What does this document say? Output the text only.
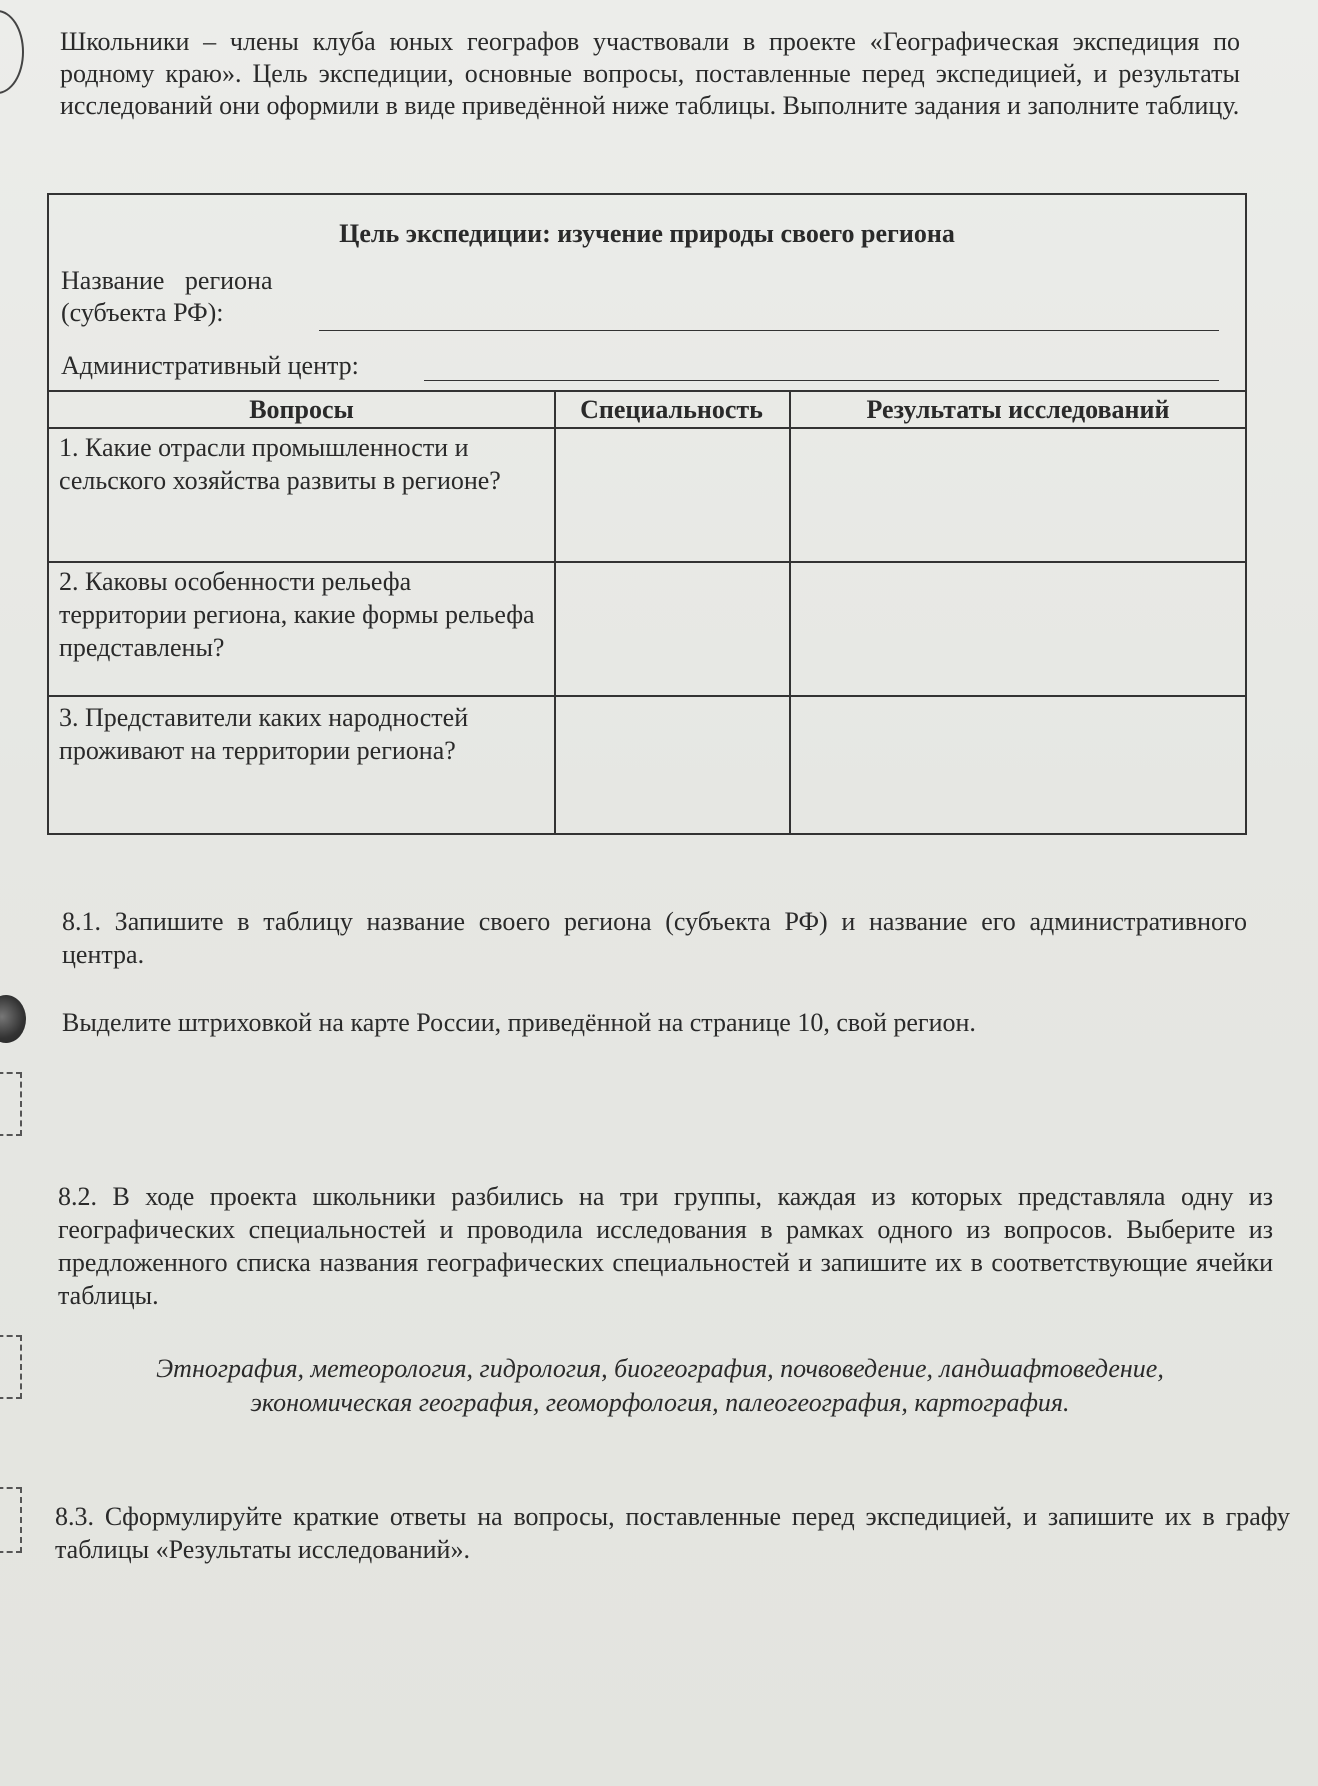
Школьники – члены клуба юных географов участвовали в проекте «Географическая экспедиция по родному краю». Цель экспедиции, основные вопросы, поставленные перед экспедицией, и результаты исследований они оформили в виде приведённой ниже таблицы. Выполните задания и заполните таблицу.
Цель экспедиции: изучение природы своего региона
Название региона
(субъекта РФ):
Административный центр:
Вопросы	Специальность	Результаты исследований
1. Какие отрасли промышленности и сельского хозяйства развиты в регионе?
2. Каковы особенности рельефа территории региона, какие формы рельефа представлены?
3. Представители каких народностей проживают на территории региона?
8.1. Запишите в таблицу название своего региона (субъекта РФ) и название его административного центра.
Выделите штриховкой на карте России, приведённой на странице 10, свой регион.
8.2. В ходе проекта школьники разбились на три группы, каждая из которых представляла одну из географических специальностей и проводила исследования в рамках одного из вопросов. Выберите из предложенного списка названия географических специальностей и запишите их в соответствующие ячейки таблицы.
Этнография, метеорология, гидрология, биогеография, почвоведение, ландшафтоведение,
экономическая география, геоморфология, палеогеография, картография.
8.3. Сформулируйте краткие ответы на вопросы, поставленные перед экспедицией, и запишите их в графу таблицы «Результаты исследований».
